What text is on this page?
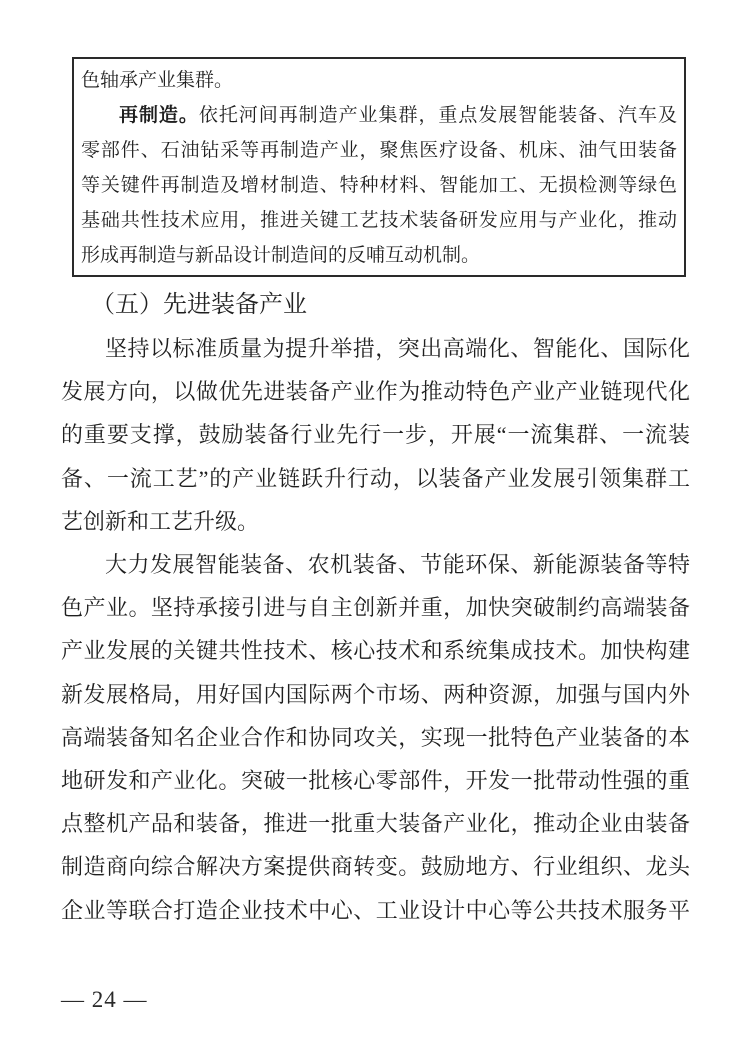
色轴承产业集群。
再制造。依托河间再制造产业集群，重点发展智能装备、汽车及
零部件、石油钻采等再制造产业，聚焦医疗设备、机床、油气田装备
等关键件再制造及增材制造、特种材料、智能加工、无损检测等绿色
基础共性技术应用，推进关键工艺技术装备研发应用与产业化，推动
形成再制造与新品设计制造间的反哺互动机制。
（五）先进装备产业
坚持以标准质量为提升举措，突出高端化、智能化、国际化
发展方向，以做优先进装备产业作为推动特色产业产业链现代化
的重要支撑，鼓励装备行业先行一步，开展“一流集群、一流装
备、一流工艺”的产业链跃升行动，以装备产业发展引领集群工
艺创新和工艺升级。
大力发展智能装备、农机装备、节能环保、新能源装备等特
色产业。坚持承接引进与自主创新并重，加快突破制约高端装备
产业发展的关键共性技术、核心技术和系统集成技术。加快构建
新发展格局，用好国内国际两个市场、两种资源，加强与国内外
高端装备知名企业合作和协同攻关，实现一批特色产业装备的本
地研发和产业化。突破一批核心零部件，开发一批带动性强的重
点整机产品和装备，推进一批重大装备产业化，推动企业由装备
制造商向综合解决方案提供商转变。鼓励地方、行业组织、龙头
企业等联合打造企业技术中心、工业设计中心等公共技术服务平
— 24 —
